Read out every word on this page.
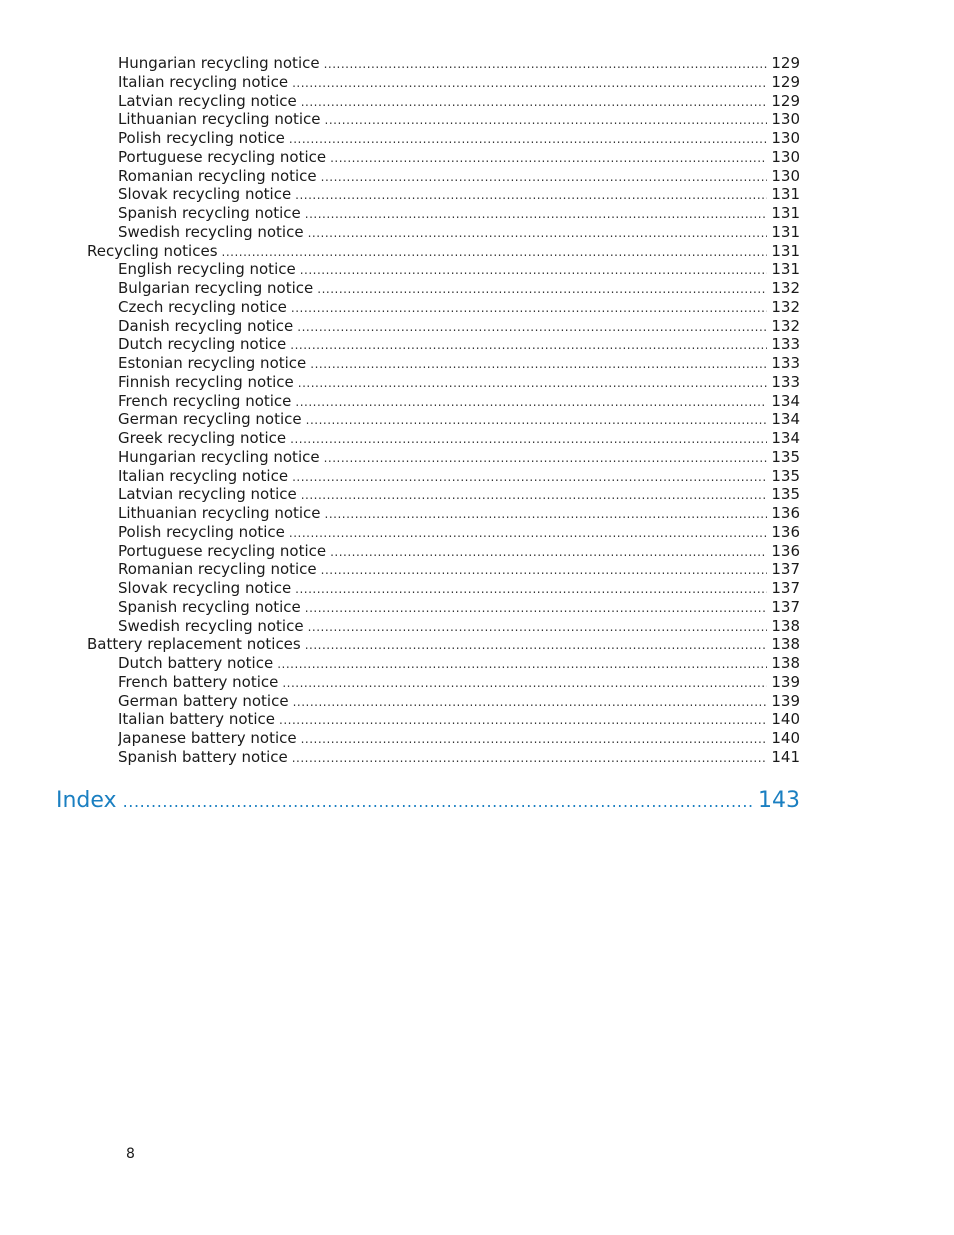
Hungarian recycling notice .....	129
Italian recycling notice .....	129
Latvian recycling notice .....	129
Lithuanian recycling notice .....	130
Polish recycling notice .....	130
Portuguese recycling notice .....	130
Romanian recycling notice .....	130
Slovak recycling notice .....	131
Spanish recycling notice .....	131
Swedish recycling notice .....	131
Recycling notices .....	131
English recycling notice .....	131
Bulgarian recycling notice .....	132
Czech recycling notice .....	132
Danish recycling notice .....	132
Dutch recycling notice .....	133
Estonian recycling notice .....	133
Finnish recycling notice .....	133
French recycling notice .....	134
German recycling notice .....	134
Greek recycling notice .....	134
Hungarian recycling notice .....	135
Italian recycling notice .....	135
Latvian recycling notice .....	135
Lithuanian recycling notice .....	136
Polish recycling notice .....	136
Portuguese recycling notice .....	136
Romanian recycling notice .....	137
Slovak recycling notice .....	137
Spanish recycling notice .....	137
Swedish recycling notice .....	138
Battery replacement notices .....	138
Dutch battery notice .....	138
French battery notice .....	139
German battery notice .....	139
Italian battery notice .....	140
Japanese battery notice .....	140
Spanish battery notice .....	141
Index .....	143
8
